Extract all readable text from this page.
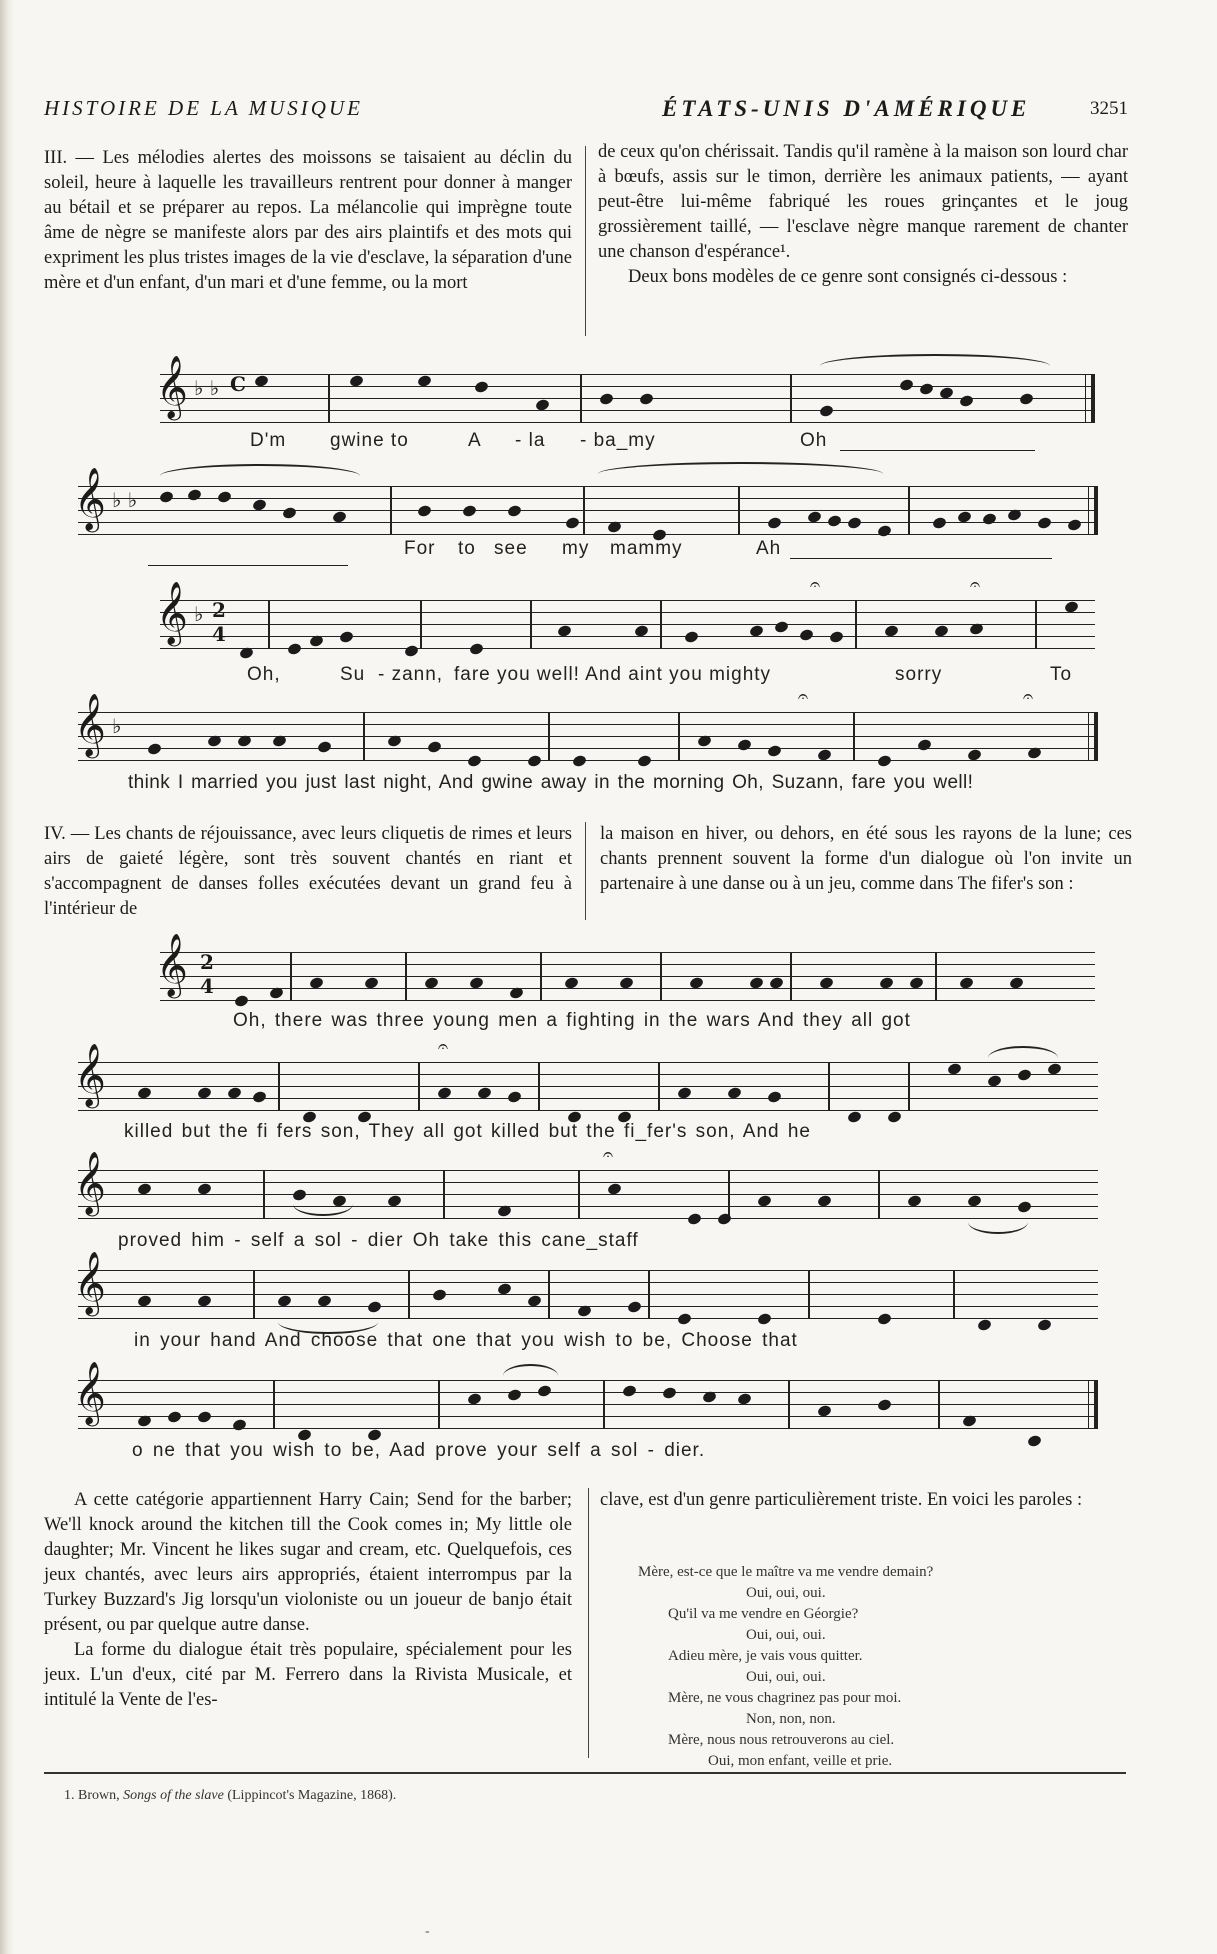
HISTOIRE DE LA MUSIQUE	ÉTATS-UNIS D'AMÉRIQUE	3251

III. — Les mélodies alertes des moissons se taisaient au déclin du soleil, heure à laquelle les travailleurs rentrent pour donner à manger au bétail et se préparer au repos. La mélancolie qui imprègne toute âme de nègre se manifeste alors par des airs plaintifs et des mots qui expriment les plus tristes images de la vie d'esclave, la séparation d'une mère et d'un enfant, d'un mari et d'une femme, ou la mort

de ceux qu'on chérissait. Tandis qu'il ramène à la maison son lourd char à bœufs, assis sur le timon, derrière les animaux patients, — ayant peut-être lui-même fabriqué les roues grinçantes et le joug grossièrement taillé, — l'esclave nègre manque rarement de chanter une chanson d'espérance¹.

Deux bons modèles de ce genre sont consignés ci-dessous :

𝄞 ♭ ♭ C
D'm gwine to	A - la - ba_my	Oh
𝄞 ♭ ♭
For to see my mammy	Ah
𝄞 ♭ 2
4
𝄐	𝄐
Oh,	Su - zann, fare you well! And aint you mighty	sorry	To
𝄞 ♭
𝄐	𝄐
think I married you just last night, And gwine away in the morning Oh, Suzann, fare you well!

IV. — Les chants de réjouissance, avec leurs cliquetis de rimes et leurs airs de gaieté légère, sont très souvent chantés en riant et s'accompagnent de danses folles exécutées devant un grand feu à l'intérieur de

la maison en hiver, ou dehors, en été sous les rayons de la lune; ces chants prennent souvent la forme d'un dialogue où l'on invite un partenaire à une danse ou à un jeu, comme dans The fifer's son :

𝄞 2
4
Oh, there was three young men a fighting in the wars And they all got
𝄞	𝄐
killed but the fi fers son, They all got killed but the fi_fer's son, And he
𝄞	𝄐
proved him - self a sol - dier Oh take this cane_staff
𝄞
in your hand And choose that one that you wish to be, Choose that
𝄞
o ne that you wish to be, Aad prove your self a sol - dier.

A cette catégorie appartiennent Harry Cain; Send for the barber; We'll knock around the kitchen till the Cook comes in; My little ole daughter; Mr. Vincent he likes sugar and cream, etc. Quelquefois, ces jeux chantés, avec leurs airs appropriés, étaient interrompus par la Turkey Buzzard's Jig lorsqu'un violoniste ou un joueur de banjo était présent, ou par quelque autre danse.

La forme du dialogue était très populaire, spécialement pour les jeux. L'un d'eux, cité par M. Ferrero dans la Rivista Musicale, et intitulé la Vente de l'es-

clave, est d'un genre particulièrement triste. En voici les paroles :

Mère, est-ce que le maître va me vendre demain?
Oui, oui, oui.
Qu'il va me vendre en Géorgie?
Oui, oui, oui.
Adieu mère, je vais vous quitter.
Oui, oui, oui.
Mère, ne vous chagrinez pas pour moi.
Non, non, non.
Mère, nous nous retrouverons au ciel.
Oui, mon enfant, veille et prie.
1. Brown, Songs of the slave (Lippincot's Magazine, 1868).
-
